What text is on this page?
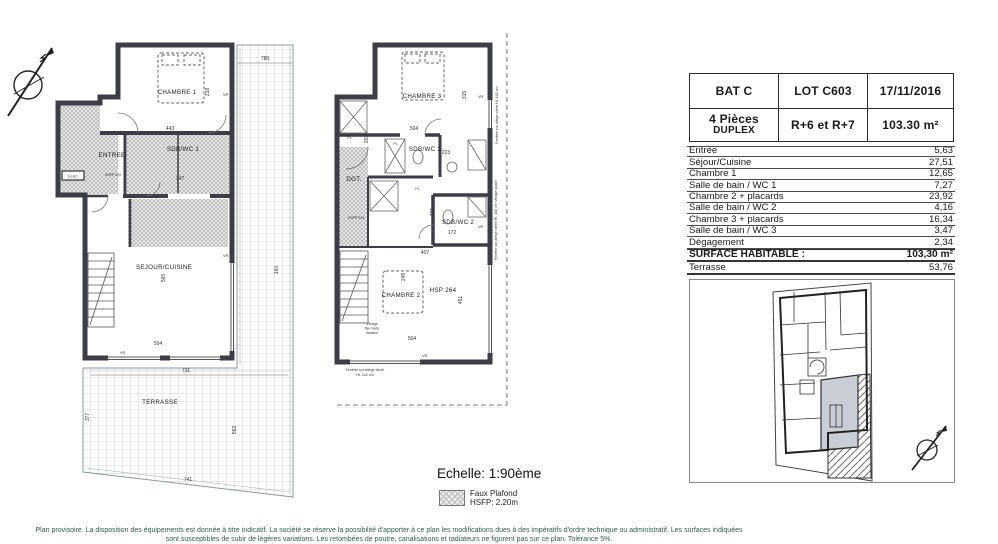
CHAMBRE 1
ENTREE
SDB/WC 1
SEJOUR/CUISINE
TERRASSE
ELEC	HSFP 220
780
443
347
218
565
504
731
741
377
553
160
VR
VR
VR
CHAMBRE 3
SDB/WC 3
SDB/WC 2
CHAMBRE 2
HSP:264
DGT.
HSFP 234
PL.
PL.
PL.
504
203
315
223
231
172
407
451
504
248
Fenêtre sur allège vitrée Ht. 102 cm
Fenêtre sur allège vitrée Ht. 100 cm Vitrage opalin
Vitrage
fixe toute
hauteur
Fenêtre sur allège vitrée
Ht. 102 cm
VR
VR
VR
Echelle: 1:90ème
Faux Plafond
HSFP: 2.20m
BAT C	LOT C603 17/11/2016
4 Pièces
DUPLEX	R+6 et R+7 103.30 m²
Entrée	5,63
Séjour/Cuisine	27,51
Chambre 1	12,65
Salle de bain / WC 1	7,27
Chambre 2 + placards	23,92
Salle de bain / WC 2	4,16
Chambre 3 + placards	16,34
Salle de bain / WC 3	3,47
Dégagement	2,34
SURFACE HABITABLE :	103,30 m²
Terrasse	53,76
Plan provisoire. La disposition des équipements est donnée à titre indicatif. La société se réserve la possibilité d'apporter à ce plan les modifications dues à des impératifs d'ordre technique ou administratif. Les surfaces indiquées
sont susceptibles de subir de légères variations. Les retombées de poutre, canalisations et radiateurs ne figurent pas sur ce plan. Tolérance 5%.
